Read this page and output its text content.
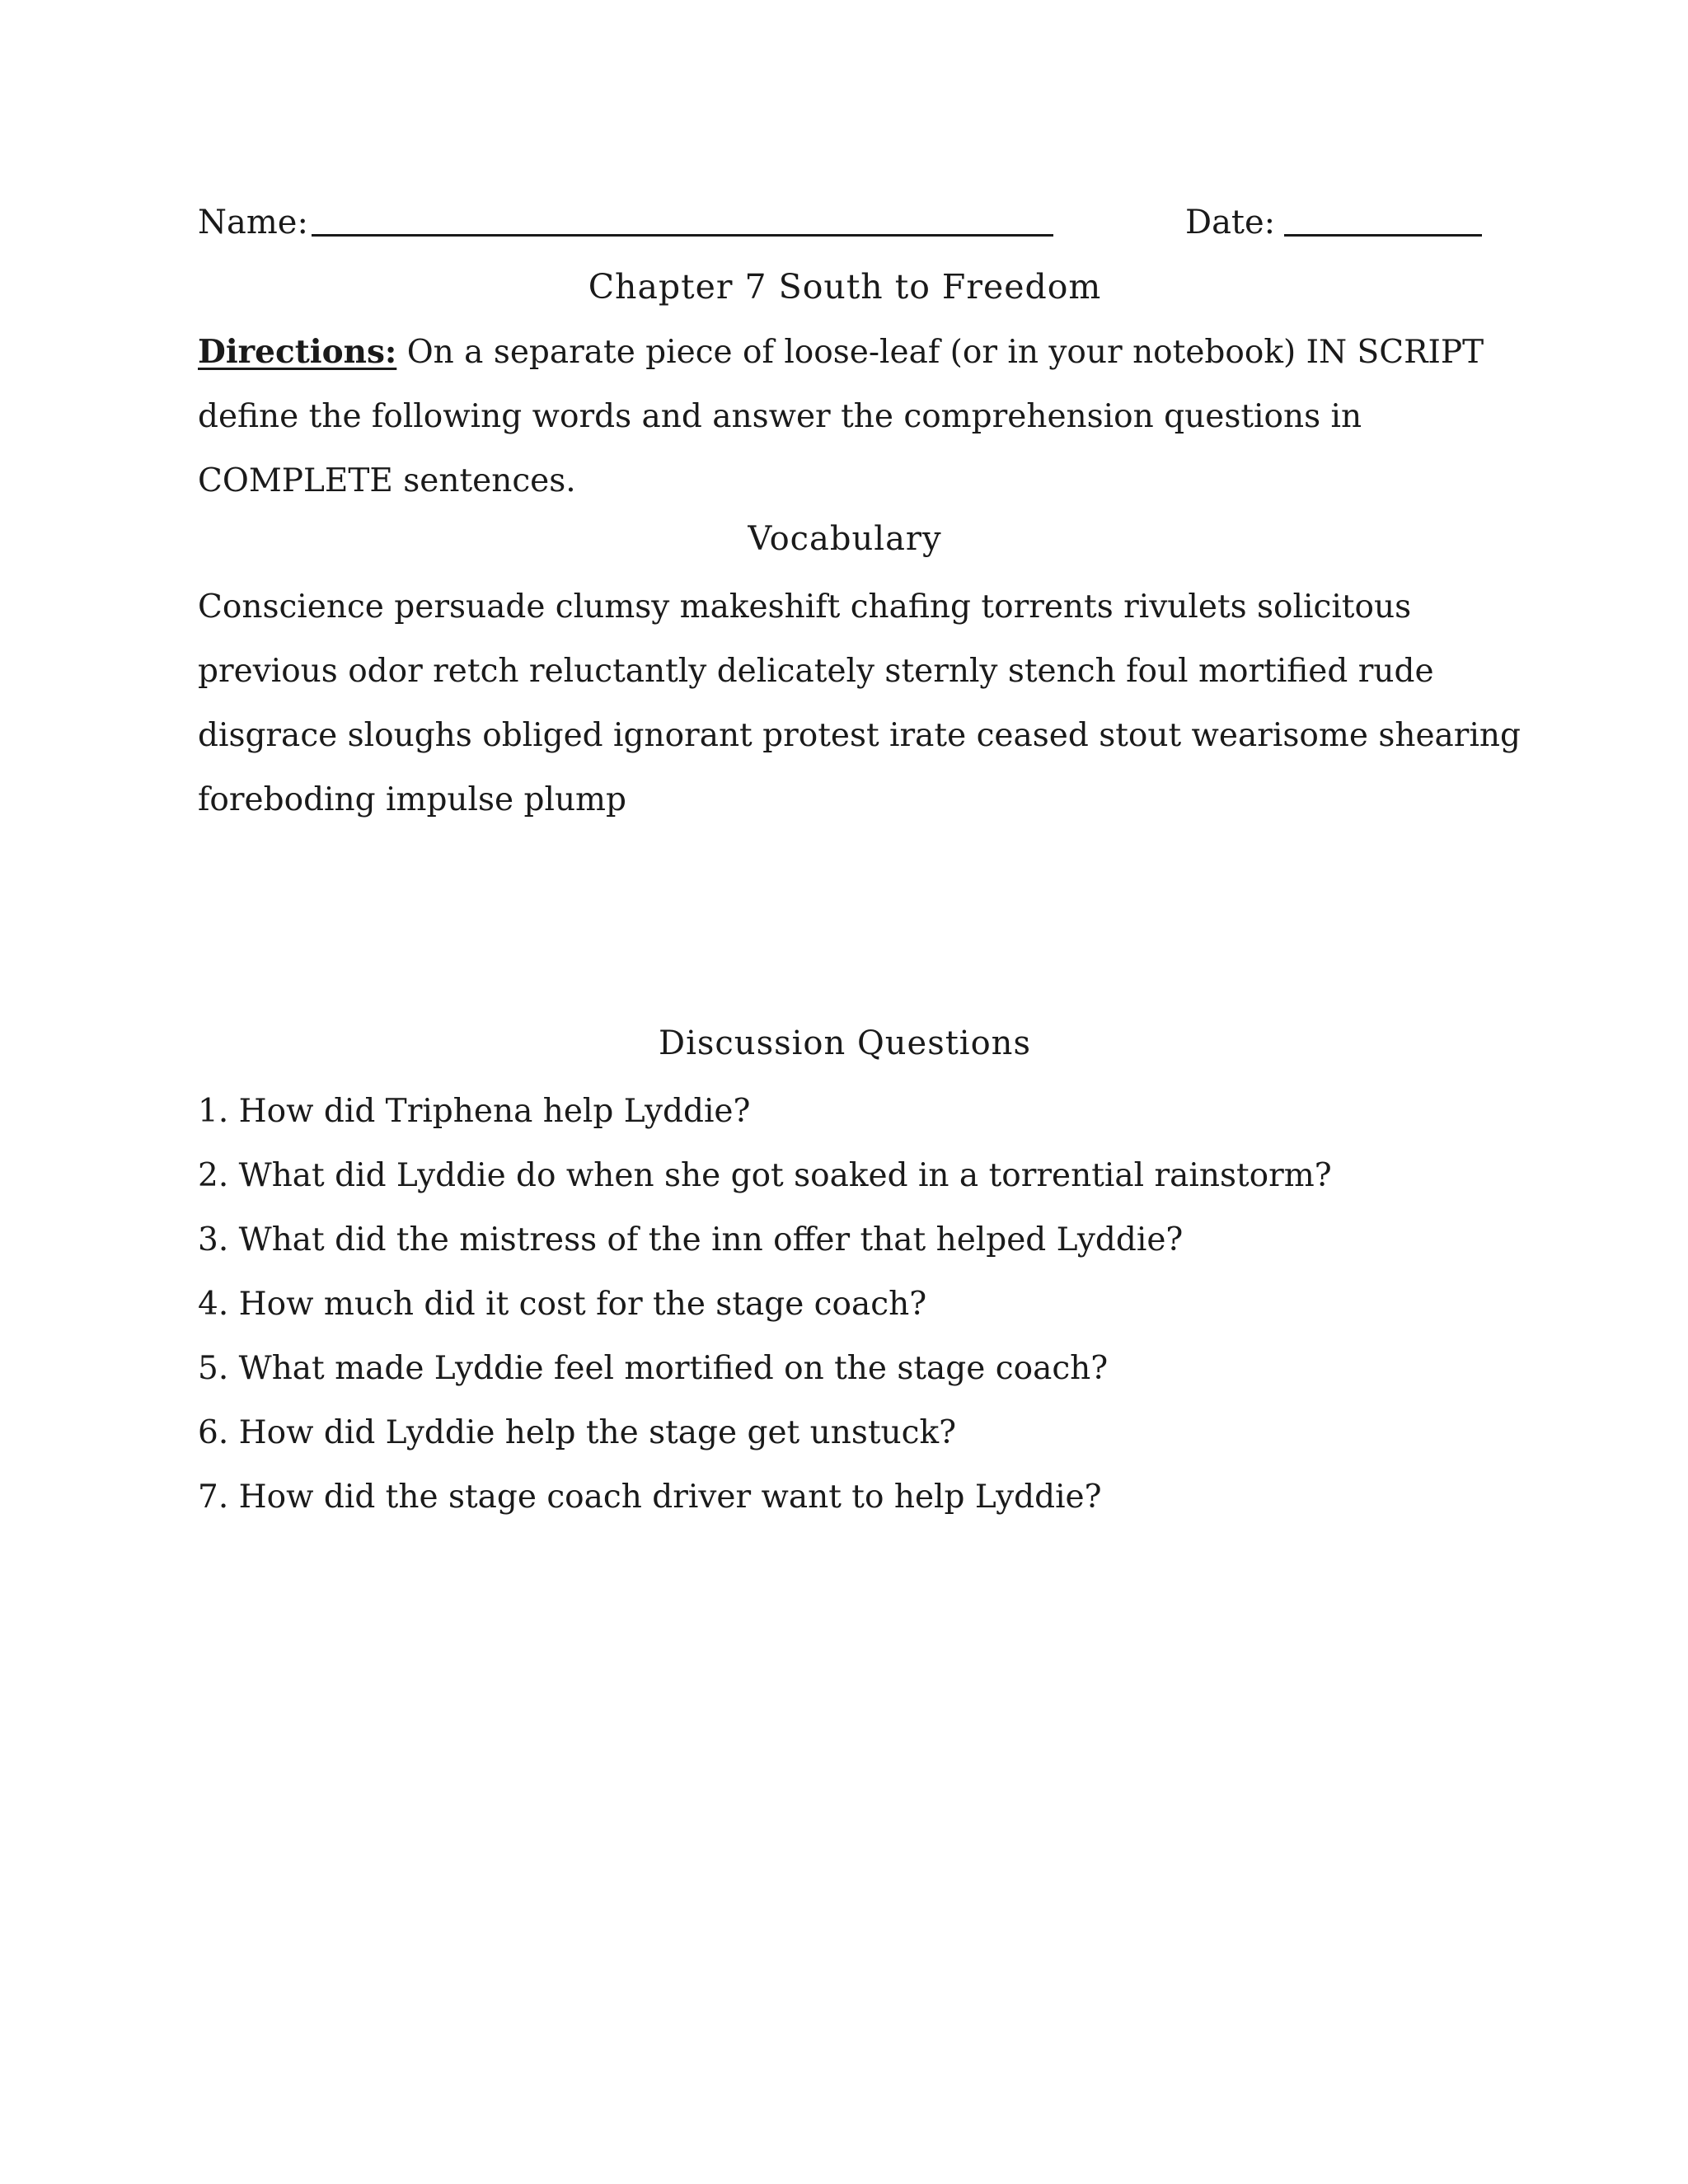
Name:	Date:
Chapter 7 South to Freedom
Directions: On a separate piece of loose-leaf (or in your notebook) IN SCRIPT define the following words and answer the comprehension questions in COMPLETE sentences.
Vocabulary
Conscience persuade clumsy makeshift chafing torrents rivulets solicitous
previous odor retch reluctantly delicately sternly stench foul mortified rude
disgrace sloughs obliged ignorant protest irate ceased stout wearisome shearing
foreboding impulse plump
Discussion Questions
1. How did Triphena help Lyddie?
2. What did Lyddie do when she got soaked in a torrential rainstorm?
3. What did the mistress of the inn offer that helped Lyddie?
4. How much did it cost for the stage coach?
5. What made Lyddie feel mortified on the stage coach?
6. How did Lyddie help the stage get unstuck?
7. How did the stage coach driver want to help Lyddie?
